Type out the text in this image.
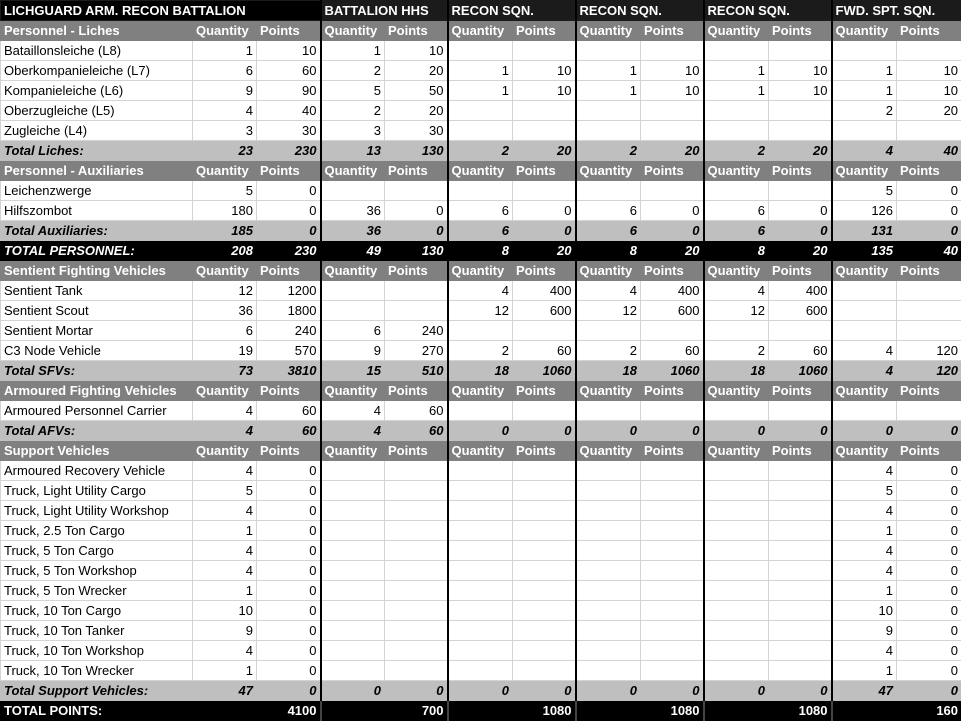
LICHGUARD ARM. RECON BATTALION			BATTALION HHS		RECON SQN.		RECON SQN.		RECON SQN.		FWD. SPT. SQN.	
Personnel - Liches	Quantity	Points	Quantity	Points	Quantity	Points	Quantity	Points	Quantity	Points	Quantity	Points
Bataillonsleiche (L8)	1	10	1	10								
Oberkompanieleiche (L7)	6	60	2	20	1	10	1	10	1	10	1	10
Kompanieleiche (L6)	9	90	5	50	1	10	1	10	1	10	1	10
Oberzugleiche (L5)	4	40	2	20							2	20
Zugleiche (L4)	3	30	3	30								
Total Liches:	23	230	13	130	2	20	2	20	2	20	4	40
Personnel - Auxiliaries	Quantity	Points	Quantity	Points	Quantity	Points	Quantity	Points	Quantity	Points	Quantity	Points
Leichenzwerge	5	0									5	0
Hilfszombot	180	0	36	0	6	0	6	0	6	0	126	0
Total Auxiliaries:	185	0	36	0	6	0	6	0	6	0	131	0
TOTAL PERSONNEL:	208	230	49	130	8	20	8	20	8	20	135	40
Sentient Fighting Vehicles	Quantity	Points	Quantity	Points	Quantity	Points	Quantity	Points	Quantity	Points	Quantity	Points
Sentient Tank	12	1200			4	400	4	400	4	400		
Sentient Scout	36	1800			12	600	12	600	12	600		
Sentient Mortar	6	240	6	240								
C3 Node Vehicle	19	570	9	270	2	60	2	60	2	60	4	120
Total SFVs:	73	3810	15	510	18	1060	18	1060	18	1060	4	120
Armoured Fighting Vehicles	Quantity	Points	Quantity	Points	Quantity	Points	Quantity	Points	Quantity	Points	Quantity	Points
Armoured Personnel Carrier	4	60	4	60								
Total AFVs:	4	60	4	60	0	0	0	0	0	0	0	0
Support Vehicles	Quantity	Points	Quantity	Points	Quantity	Points	Quantity	Points	Quantity	Points	Quantity	Points
Armoured Recovery Vehicle	4	0									4	0
Truck, Light Utility Cargo	5	0									5	0
Truck, Light Utility Workshop	4	0									4	0
Truck, 2.5 Ton Cargo	1	0									1	0
Truck, 5 Ton Cargo	4	0									4	0
Truck, 5 Ton Workshop	4	0									4	0
Truck, 5 Ton Wrecker	1	0									1	0
Truck, 10 Ton Cargo	10	0									10	0
Truck, 10 Ton Tanker	9	0									9	0
Truck, 10 Ton Workshop	4	0									4	0
Truck, 10 Ton Wrecker	1	0									1	0
Total Support Vehicles:	47	0	0	0	0	0	0	0	0	0	47	0
TOTAL POINTS:		4100		700		1080		1080		1080		160
